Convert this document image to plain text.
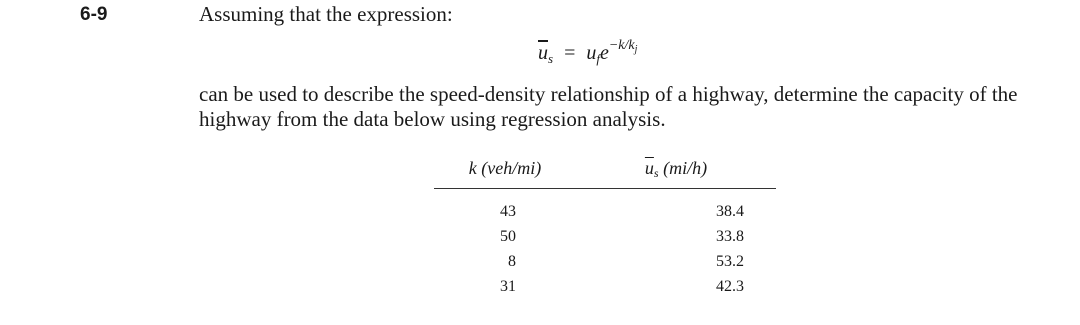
6-9	Assuming that the expression:
$\overline{u}_s = u_fe^{-k/k_j}$
can be used to describe the speed-density relationship of a highway, determine the capacity of the highway from the data below using regression analysis.
k (veh/mi)	$\overline{u}_s$ (mi/h)
43	38.4
50	33.8
8	53.2
31	42.3
